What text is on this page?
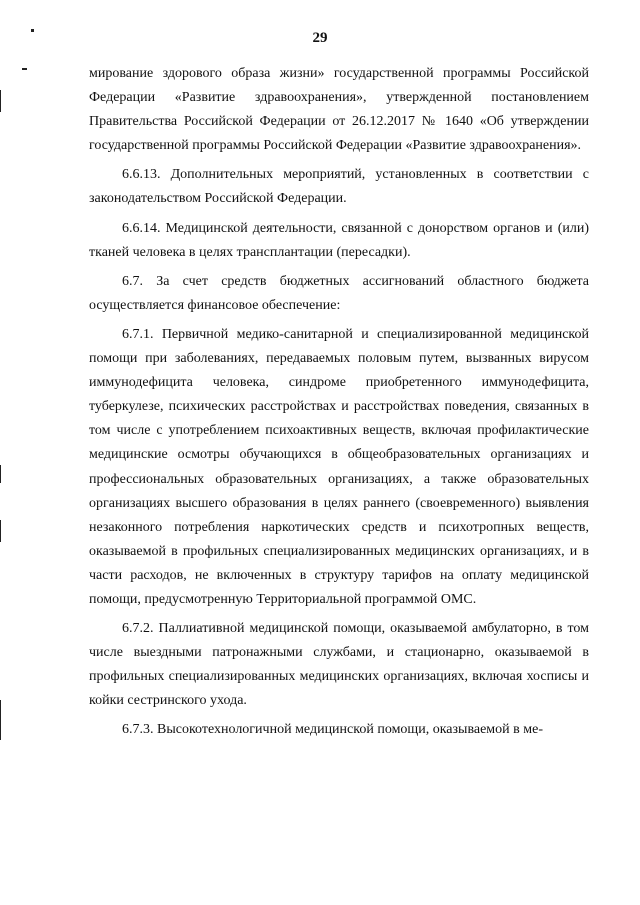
29

мирование здорового образа жизни» государственной программы Российской Федерации «Развитие здравоохранения», утвержденной постановлением Правительства Российской Федерации от 26.12.2017 № 1640 «Об утверждении государственной программы Российской Федерации «Развитие здравоохранения».

6.6.13. Дополнительных мероприятий, установленных в соответствии с законодательством Российской Федерации.

6.6.14. Медицинской деятельности, связанной с донорством органов и (или) тканей человека в целях трансплантации (пересадки).

6.7. За счет средств бюджетных ассигнований областного бюджета осуществляется финансовое обеспечение:

6.7.1. Первичной медико-санитарной и специализированной медицинской помощи при заболеваниях, передаваемых половым путем, вызванных вирусом иммунодефицита человека, синдроме приобретенного иммунодефицита, туберкулезе, психических расстройствах и расстройствах поведения, связанных в том числе с употреблением психоактивных веществ, включая профилактические медицинские осмотры обучающихся в общеобразовательных организациях и профессиональных образовательных организациях, а также образовательных организациях высшего образования в целях раннего (своевременного) выявления незаконного потребления наркотических средств и психотропных веществ, оказываемой в профильных специализированных медицинских организациях, и в части расходов, не включенных в структуру тарифов на оплату медицинской помощи, предусмотренную Территориальной программой ОМС.

6.7.2. Паллиативной медицинской помощи, оказываемой амбулаторно, в том числе выездными патронажными службами, и стационарно, оказываемой в профильных специализированных медицинских организациях, включая хосписы и койки сестринского ухода.

6.7.3. Высокотехнологичной медицинской помощи, оказываемой в ме-
